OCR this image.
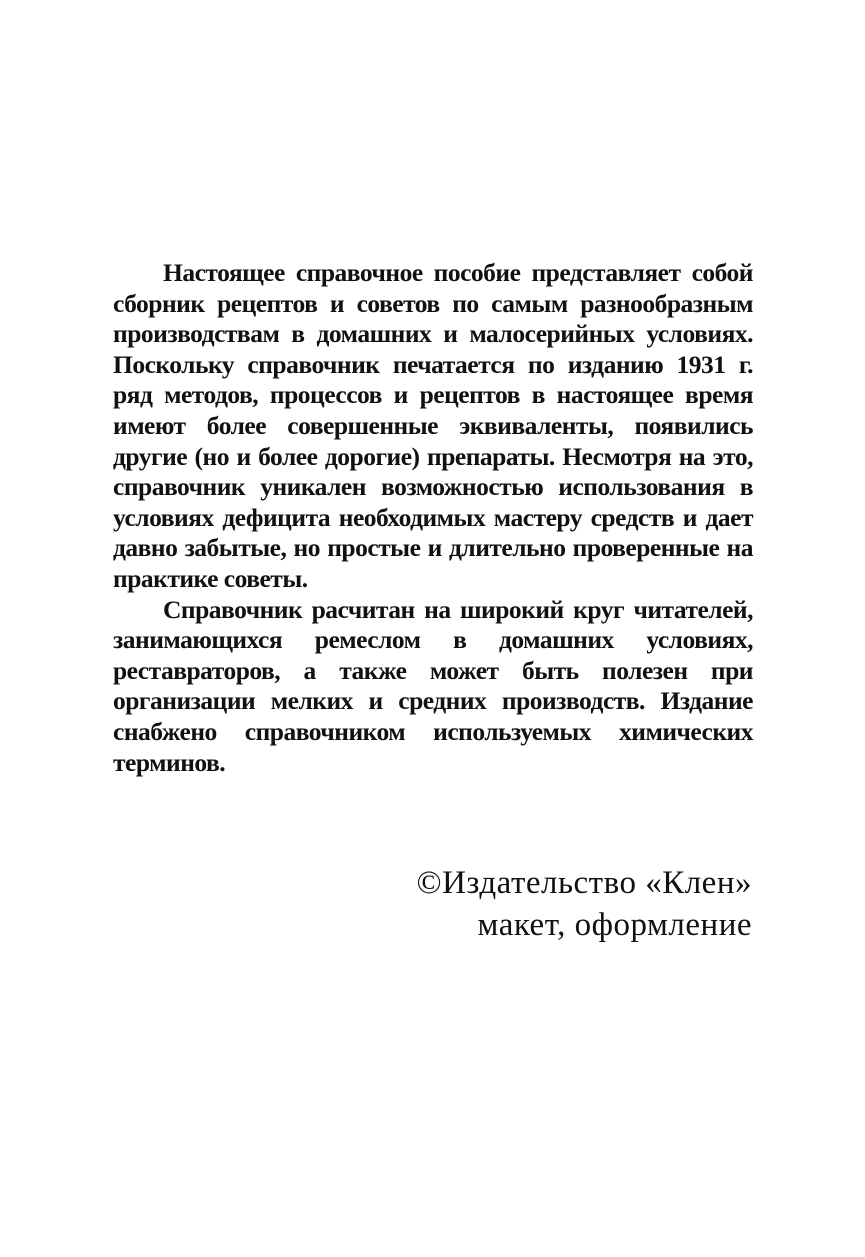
Настоящее справочное пособие представляет собой сборник рецептов и советов по самым разнообразным производствам в домашних и малосерийных условиях. Поскольку справочник печатается по изданию 1931 г. ряд методов, процессов и рецептов в настоящее время имеют более совершенные эквиваленты, появились другие (но и более дорогие) препараты. Несмотря на это, справочник уникален возможностью использования в условиях дефицита необходимых мастеру средств и дает давно забытые, но простые и длительно проверенные на практике советы.

Справочник расчитан на широкий круг читателей, занимающихся ремеслом в домашних условиях, реставраторов, а также может быть полезен при организации мелких и средних производств. Издание снабжено справочником используемых химических терминов.

©Издательство «Клен»
макет, оформление
